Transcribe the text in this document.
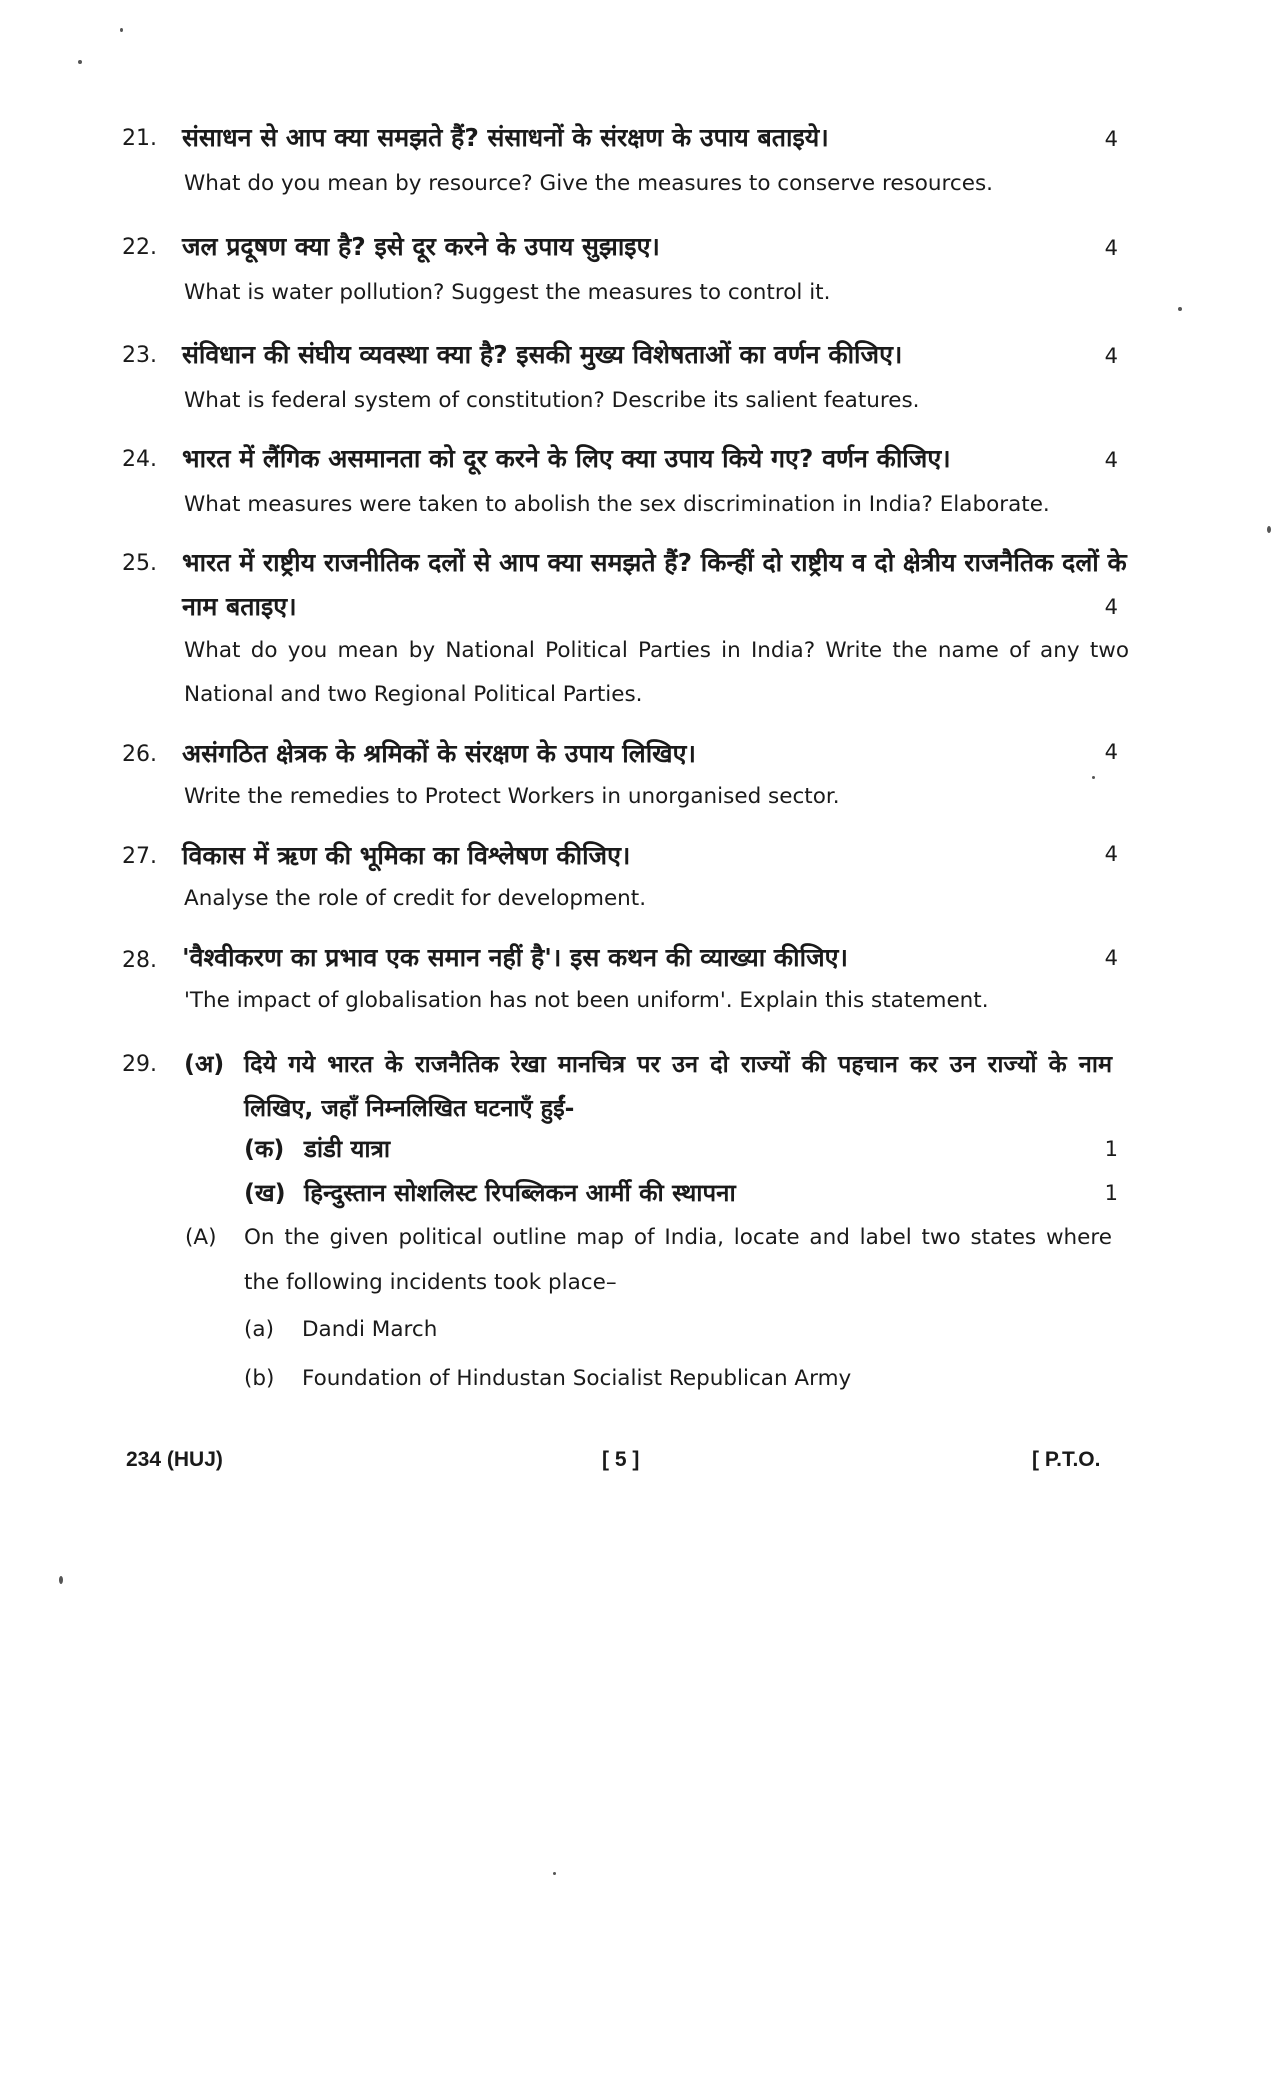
21.	संसाधन से आप क्या समझते हैं? संसाधनों के संरक्षण के उपाय बताइये।	4
What do you mean by resource? Give the measures to conserve resources.
22.	जल प्रदूषण क्या है? इसे दूर करने के उपाय सुझाइए।	4
What is water pollution? Suggest the measures to control it.
23.	संविधान की संघीय व्यवस्था क्या है? इसकी मुख्य विशेषताओं का वर्णन कीजिए।	4
What is federal system of constitution? Describe its salient features.
24.	भारत में लैंगिक असमानता को दूर करने के लिए क्या उपाय किये गए? वर्णन कीजिए।	4
What measures were taken to abolish the sex discrimination in India? Elaborate.
25.	भारत में राष्ट्रीय राजनीतिक दलों से आप क्या समझते हैं? किन्हीं दो राष्ट्रीय व दो क्षेत्रीय राजनैतिक दलों के नाम बताइए।	4
What do you mean by National Political Parties in India? Write the name of any two National and two Regional Political Parties.
26.	असंगठित क्षेत्रक के श्रमिकों के संरक्षण के उपाय लिखिए।	4
Write the remedies to Protect Workers in unorganised sector.
27.	विकास में ऋण की भूमिका का विश्लेषण कीजिए।	4
Analyse the role of credit for development.
28.	'वैश्वीकरण का प्रभाव एक समान नहीं है'। इस कथन की व्याख्या कीजिए।	4
'The impact of globalisation has not been uniform'. Explain this statement.
29.	(अ) दिये गये भारत के राजनैतिक रेखा मानचित्र पर उन दो राज्यों की पहचान कर उन राज्यों के नाम लिखिए, जहाँ निम्नलिखित घटनाएँ हुईं-
(क) डांडी यात्रा	1
(ख) हिन्दुस्तान सोशलिस्ट रिपब्लिकन आर्मी की स्थापना	1
(A) On the given political outline map of India, locate and label two states where the following incidents took place–
(a) Dandi March
(b) Foundation of Hindustan Socialist Republican Army
234 (HUJ)	[ 5 ]	[ P.T.O.
